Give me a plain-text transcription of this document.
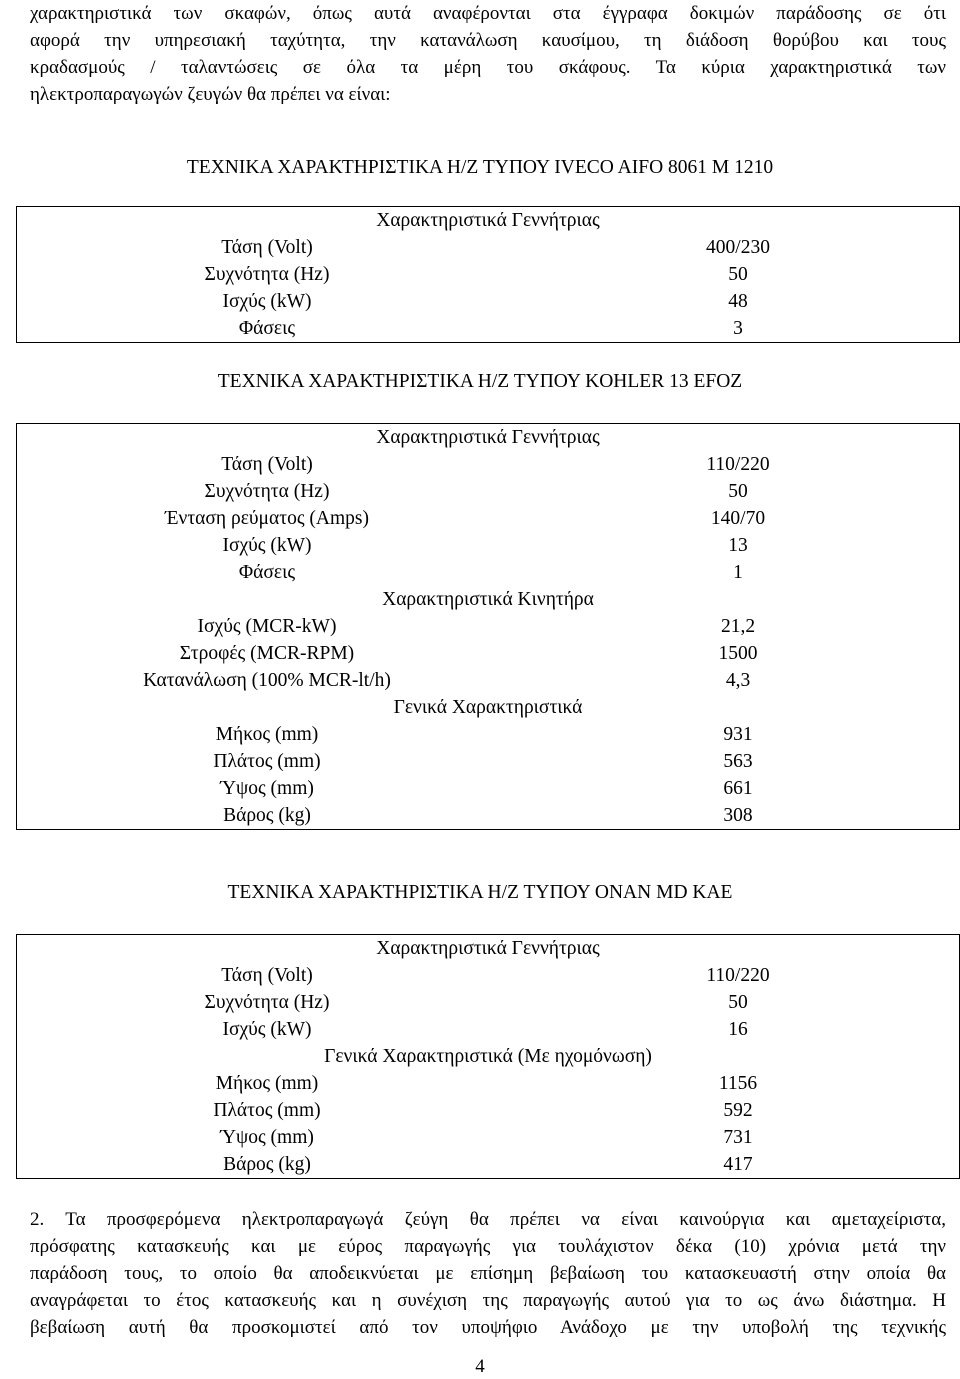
χαρακτηριστικά των σκαφών, όπως αυτά αναφέρονται στα έγγραφα δοκιμών παράδοσης σε ότι
αφορά την υπηρεσιακή ταχύτητα, την κατανάλωση καυσίμου, τη διάδοση θορύβου και τους
κραδασμούς / ταλαντώσεις σε όλα τα μέρη του σκάφους. Τα κύρια χαρακτηριστικά των
ηλεκτροπαραγωγών ζευγών θα πρέπει να είναι:
ΤΕΧΝΙΚΑ ΧΑΡΑΚΤΗΡΙΣΤΙΚΑ Η/Ζ ΤΥΠΟΥ IVECO AIFO 8061 M 1210
Χαρακτηριστικά Γεννήτριας	
Τάση (Volt)	400/230
Συχνότητα (Hz)	50
Ισχύς (kW)	48
Φάσεις	3
ΤΕΧΝΙΚΑ ΧΑΡΑΚΤΗΡΙΣΤΙΚΑ Η/Ζ ΤΥΠΟΥ KOHLER 13 EFOZ
Χαρακτηριστικά Γεννήτριας	
Τάση (Volt)	110/220
Συχνότητα (Hz)	50
Ένταση ρεύματος (Amps)	140/70
Ισχύς (kW)	13
Φάσεις	1
Χαρακτηριστικά Κινητήρα	
Ισχύς (MCR-kW)	21,2
Στροφές (MCR-RPM)	1500
Κατανάλωση (100% MCR-lt/h)	4,3
Γενικά Χαρακτηριστικά	
Μήκος (mm)	931
Πλάτος (mm)	563
Ύψος (mm)	661
Βάρος (kg)	308
ΤΕΧΝΙΚΑ ΧΑΡΑΚΤΗΡΙΣΤΙΚΑ Η/Ζ ΤΥΠΟΥ ONAN MD KAE
Χαρακτηριστικά Γεννήτριας	
Τάση (Volt)	110/220
Συχνότητα (Hz)	50
Ισχύς (kW)	16
Γενικά Χαρακτηριστικά (Με ηχομόνωση)	
Μήκος (mm)	1156
Πλάτος (mm)	592
Ύψος (mm)	731
Βάρος (kg)	417
2. Τα προσφερόμενα ηλεκτροπαραγωγά ζεύγη θα πρέπει να είναι καινούργια και αμεταχείριστα,
πρόσφατης κατασκευής και με εύρος παραγωγής για τουλάχιστον δέκα (10) χρόνια μετά την
παράδοση τους, το οποίο θα αποδεικνύεται με επίσημη βεβαίωση του κατασκευαστή στην οποία θα
αναγράφεται το έτος κατασκευής και η συνέχιση της παραγωγής αυτού για το ως άνω διάστημα. Η
βεβαίωση αυτή θα προσκομιστεί από τον υποψήφιο Ανάδοχο με την υποβολή της τεχνικής
4
